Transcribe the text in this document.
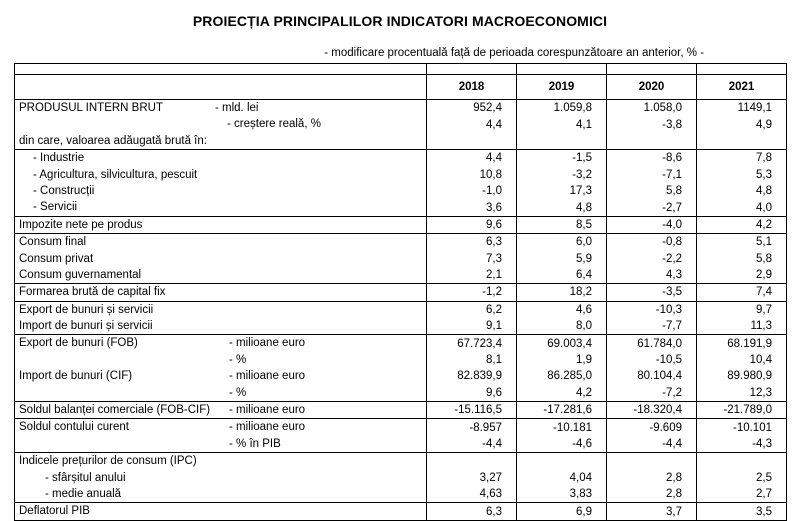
PROIECȚIA PRINCIPALILOR INDICATORI MACROECONOMICI
- modificare procentuală față de perioada corespunzătoare an anterior, % -

	2018	2019	2020	2021

PRODUSUL INTERN BRUT - mld. lei	952,4	1.059,8	1.058,0	1149,1

- creștere reală, %	4,4	4,1	-3,8	4,9

din care, valoarea adăugată brută în:				

- Industrie	4,4	-1,5	-8,6	7,8

- Agricultura, silvicultura, pescuit	10,8	-3,2	-7,1	5,3

- Construcții	-1,0	17,3	5,8	4,8

- Servicii	3,6	4,8	-2,7	4,0

Impozite nete pe produs	9,6	8,5	-4,0	4,2

Consum final	6,3	6,0	-0,8	5,1

Consum privat	7,3	5,9	-2,2	5,8

Consum guvernamental	2,1	6,4	4,3	2,9

Formarea brută de capital fix	-1,2	18,2	-3,5	7,4

Export de bunuri și servicii	6,2	4,6	-10,3	9,7

Import de bunuri și servicii	9,1	8,0	-7,7	11,3

Export de bunuri (FOB) - milioane euro	67.723,4	69.003,4	61.784,0	68.191,9

- %	8,1	1,9	-10,5	10,4

Import de bunuri (CIF) - milioane euro	82.839,9	86.285,0	80.104,4	89.980,9

- %	9,6	4,2	-7,2	12,3

Soldul balanței comerciale (FOB-CIF) - milioane euro	-15.116,5	-17.281,6	-18.320,4	-21.789,0

Soldul contului curent - milioane euro	-8.957	-10.181	-9.609	-10.101

- % în PIB	-4,4	-4,6	-4,4	-4,3

Indicele prețurilor de consum (IPC)				

- sfârșitul anului	3,27	4,04	2,8	2,5

- medie anuală	4,63	3,83	2,8	2,7

Deflatorul PIB	6,3	6,9	3,7	3,5
